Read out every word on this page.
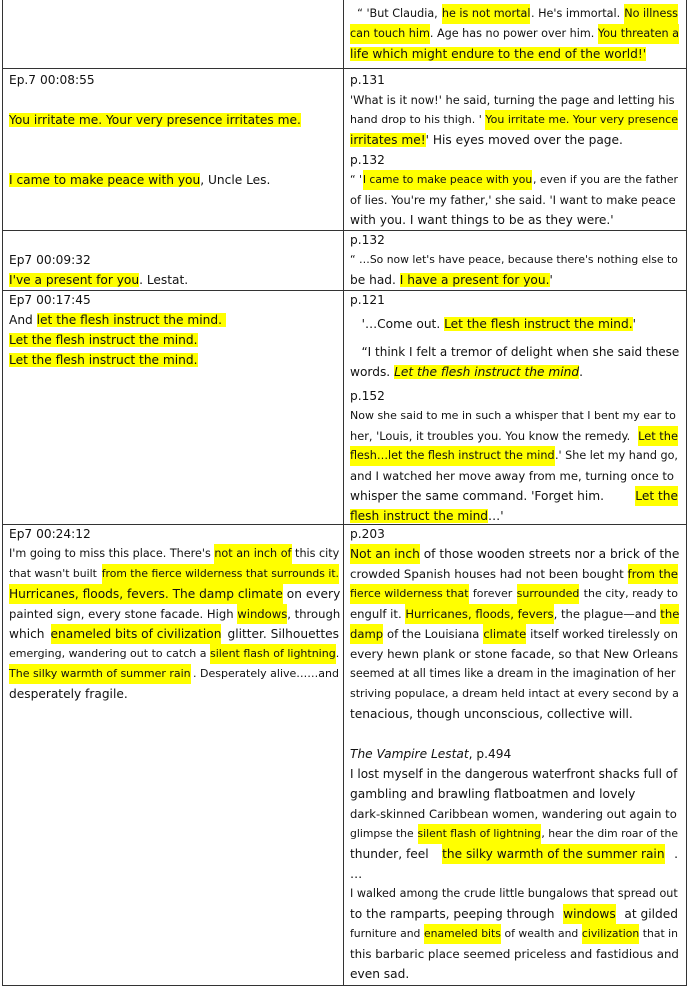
“ 'But Claudia, he is not mortal . He's immortal. No illness
can touch him . Age has no power over him. You threaten a
life which might endure to the end of the world!'
Ep.7 00:08:55
You irritate me. Your very presence irritates me.
I came to make peace with you, Uncle Les.
p.131
'What is it now!' he said, turning the page and letting his
hand drop to his thigh. ' You irritate me. Your very presence
irritates me!' His eyes moved over the page.
p.132
“ ' I came to make peace with you , even if you are the father
of lies. You're my father,' she said. 'I want to make peace
with you. I want things to be as they were.'
Ep7 00:09:32
I've a present for you. Lestat.
p.132
“ …So now let's have peace, because there's nothing else to
be had. I have a present for you.'
Ep7 00:17:45
And let the flesh instruct the mind.
Let the flesh instruct the mind.
Let the flesh instruct the mind.
p.121
'…Come out. Let the flesh instruct the mind.'
“I think I felt a tremor of delight when she said these
words. Let the flesh instruct the mind.
p.152
Now she said to me in such a whisper that I bent my ear to
her, 'Louis, it troubles you. You know the remedy. Let the
flesh…let the flesh instruct the mind .' She let my hand go,
and I watched her move away from me, turning once to
whisper the same command. 'Forget him. Let the
flesh instruct the mind…'
Ep7 00:24:12
I'm going to miss this place. There's not an inch of this city
that wasn't built from the fierce wilderness that surrounds it.
Hurricanes, floods, fevers. The damp climate on every
painted sign, every stone facade. High windows , through
which enameled bits of civilization glitter. Silhouettes
emerging, wandering out to catch a silent flash of lightning .
The silky warmth of summer rain . Desperately alive……and
desperately fragile.
p.203
Not an inch of those wooden streets nor a brick of the
crowded Spanish houses had not been bought from the
fierce wilderness that forever surrounded the city, ready to
engulf it. Hurricanes, floods, fevers , the plague—and the
damp of the Louisiana climate itself worked tirelessly on
every hewn plank or stone facade, so that New Orleans
seemed at all times like a dream in the imagination of her
striving populace, a dream held intact at every second by a
tenacious, though unconscious, collective will.
The Vampire Lestat, p.494
I lost myself in the dangerous waterfront shacks full of
gambling and brawling flatboatmen and lovely
dark-skinned Caribbean women, wandering out again to
glimpse the silent flash of lightning , hear the dim roar of the
thunder, feel the silky warmth of the summer rain .
…
I walked among the crude little bungalows that spread out
to the ramparts, peeping through windows at gilded
furniture and enameled bits of wealth and civilization that in
this barbaric place seemed priceless and fastidious and
even sad.
